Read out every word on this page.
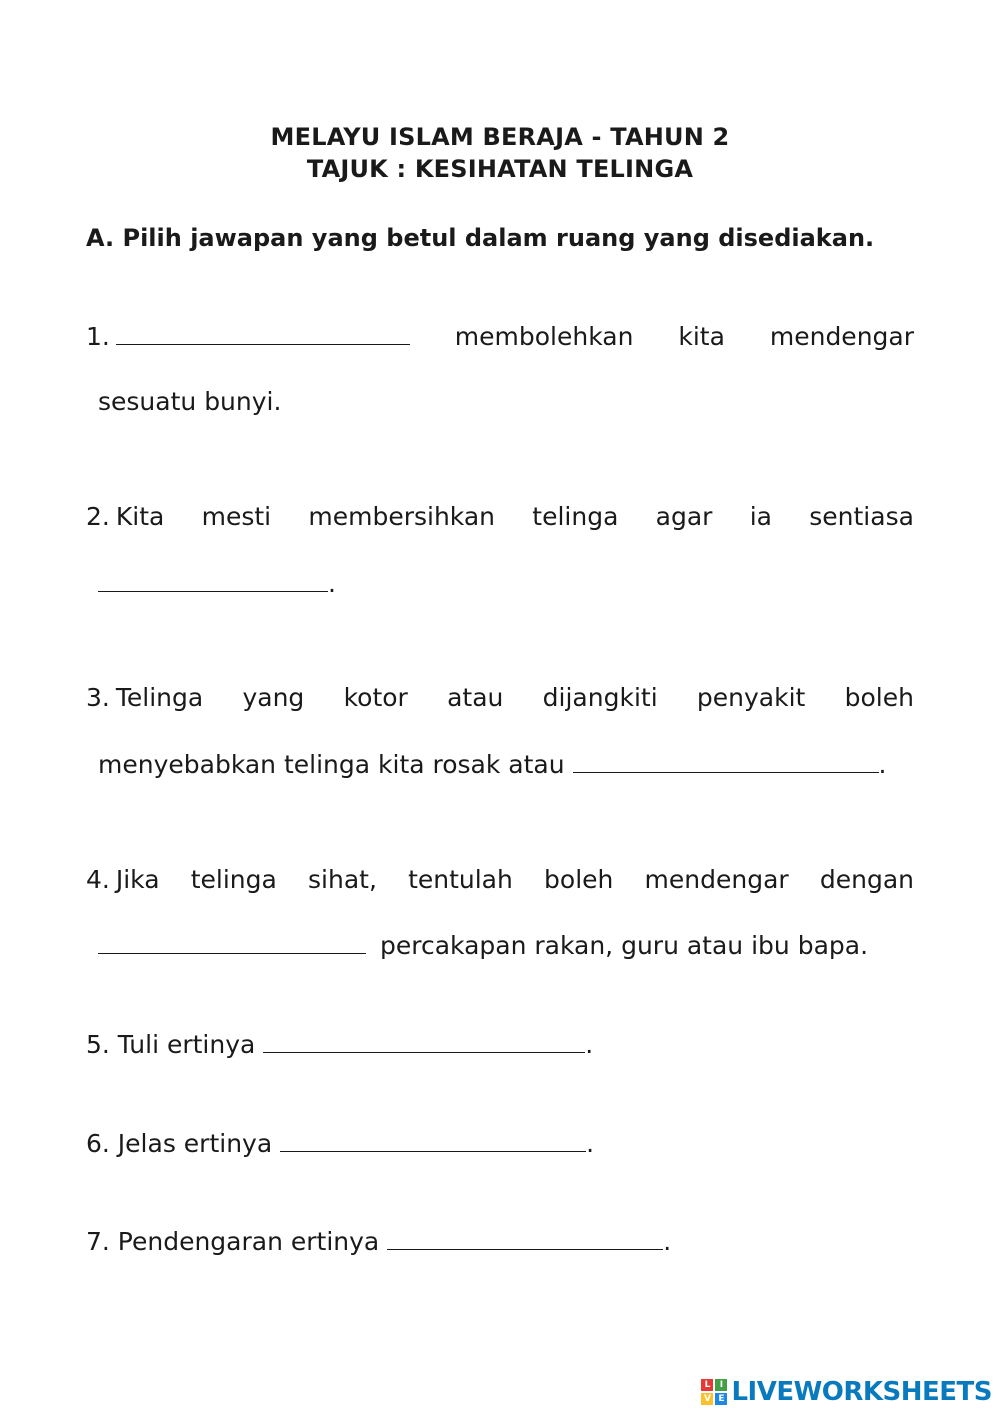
MELAYU ISLAM BERAJA - TAHUN 2
TAJUK : KESIHATAN TELINGA
A. Pilih jawapan yang betul dalam ruang yang disediakan.
1.	membolehkan kita mendengar
sesuatu bunyi.
2. Kita mesti membersihkan telinga agar ia sentiasa
.
3. Telinga yang kotor atau dijangkiti penyakit boleh
menyebabkan telinga kita rosak atau	.
4. Jika telinga sihat, tentulah boleh mendengar dengan
percakapan rakan, guru atau ibu bapa.
5. Tuli ertinya	.
6. Jelas ertinya	.
7. Pendengaran ertinya	.
L	I
V E LIVEWORKSHEETS
